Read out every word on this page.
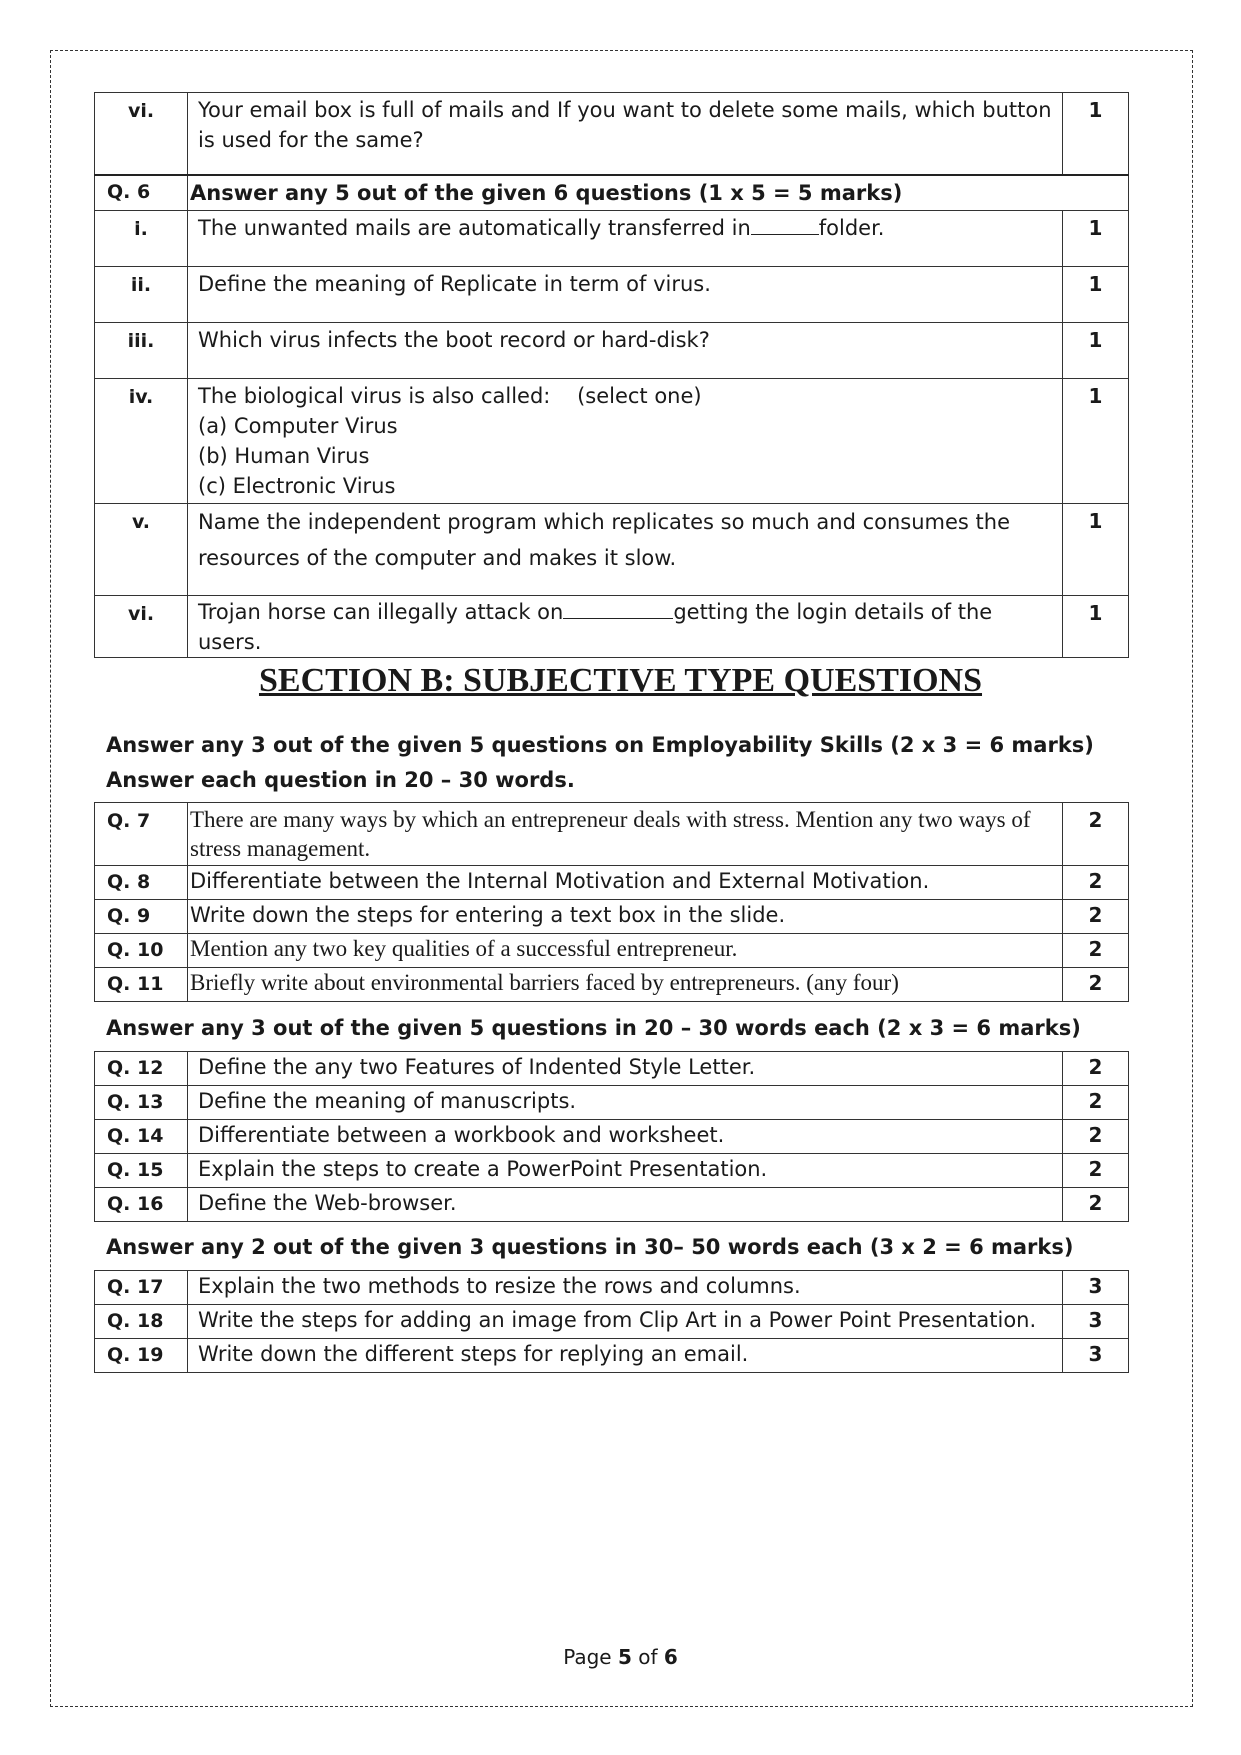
vi.	Your email box is full of mails and If you want to delete some mails, which button is used for the same?	1
Q. 6	Answer any 5 out of the given 6 questions (1 x 5 = 5 marks)	
i.	The unwanted mails are automatically transferred in folder.	1
ii.	Define the meaning of Replicate in term of virus.	1
iii.	Which virus infects the boot record or hard-disk?	1
iv.	The biological virus is also called:    (select one)
(a) Computer Virus
(b) Human Virus
(c) Electronic Virus	1
v.	Name the independent program which replicates so much and consumes the
resources of the computer and makes it slow.	1
vi.	Trojan horse can illegally attack on getting the login details of the users.	1
SECTION B: SUBJECTIVE TYPE QUESTIONS
Answer any 3 out of the given 5 questions on Employability Skills (2 x 3 = 6 marks)
Answer each question in 20 – 30 words.
Q. 7	There are many ways by which an entrepreneur deals with stress. Mention any two ways of stress management.	2
Q. 8	Differentiate between the Internal Motivation and External Motivation.	2
Q. 9	Write down the steps for entering a text box in the slide.	2
Q. 10	Mention any two key qualities of a successful entrepreneur.	2
Q. 11	Briefly write about environmental barriers faced by entrepreneurs. (any four)	2
Answer any 3 out of the given 5 questions in 20 – 30 words each (2 x 3 = 6 marks)
Q. 12	Define the any two Features of Indented Style Letter.	2
Q. 13	Define the meaning of manuscripts.	2
Q. 14	Differentiate between a workbook and worksheet.	2
Q. 15	Explain the steps to create a PowerPoint Presentation.	2
Q. 16	Define the Web-browser.	2
Answer any 2 out of the given 3 questions in 30– 50 words each (3 x 2 = 6 marks)
Q. 17	Explain the two methods to resize the rows and columns.	3
Q. 18	Write the steps for adding an image from Clip Art in a Power Point Presentation.	3
Q. 19	Write down the different steps for replying an email.	3
Page 5 of 6
